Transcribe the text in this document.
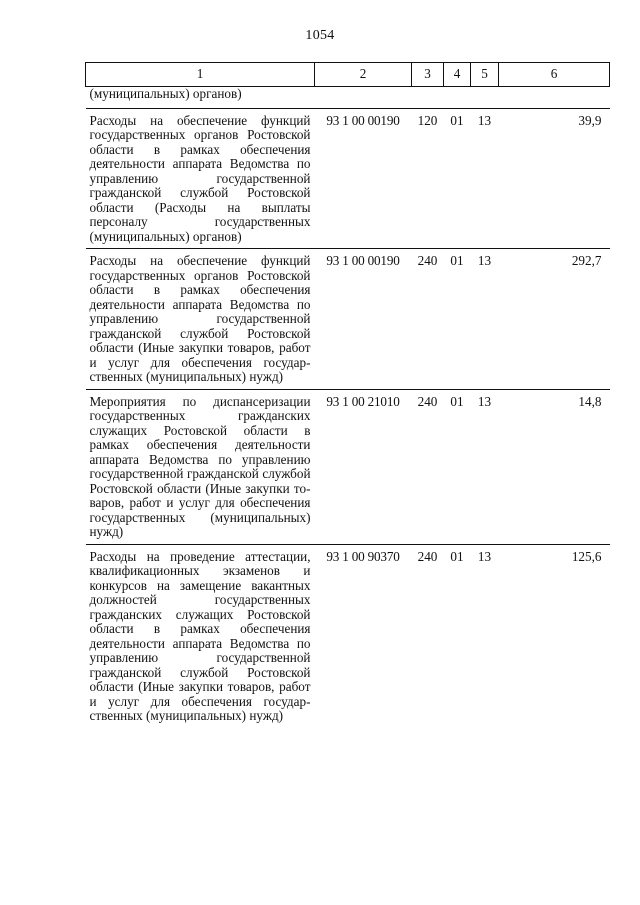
1054
1	2	3	4	5	6
(муниципальных) органов)					
Расходы на обеспечение функций государственных органов Ростовской области в рамках обеспечения деятельности аппарата Ведомства по управлению государственной гражданской службой Ростовской области (Расходы на выплаты персоналу государственных (муниципальных) органов)	93 1 00 00190	120	01	13	39,9
Расходы на обеспечение функций государственных органов Ростовской области в рамках обеспечения деятельности аппарата Ведомства по управлению государственной гражданской службой Ростовской области (Иные закупки товаров, работ и услуг для обеспечения государственных (муниципальных) нужд)	93 1 00 00190	240	01	13	292,7
Мероприятия по диспансеризaции государственных гражданских служащих Ростовской области в рамках обеспечения деятельности аппарата Ведомства по управлению государственной гражданской службой Ростовской области (Иные закупки товаров, работ и услуг для обеспечения государственных (муниципальных) нужд)	93 1 00 21010	240	01	13	14,8
Расходы на проведение аттестации, квалификационных экзаменов и конкурсов на замещение вакантных должностей государственных гражданских служащих Ростовской области в рамках обеспечения деятельности аппарата Ведомства по управлению государственной гражданской службой Ростовской области (Иные закупки товаров, работ и услуг для обеспечения государственных (муниципальных) нужд)	93 1 00 90370	240	01	13	125,6
